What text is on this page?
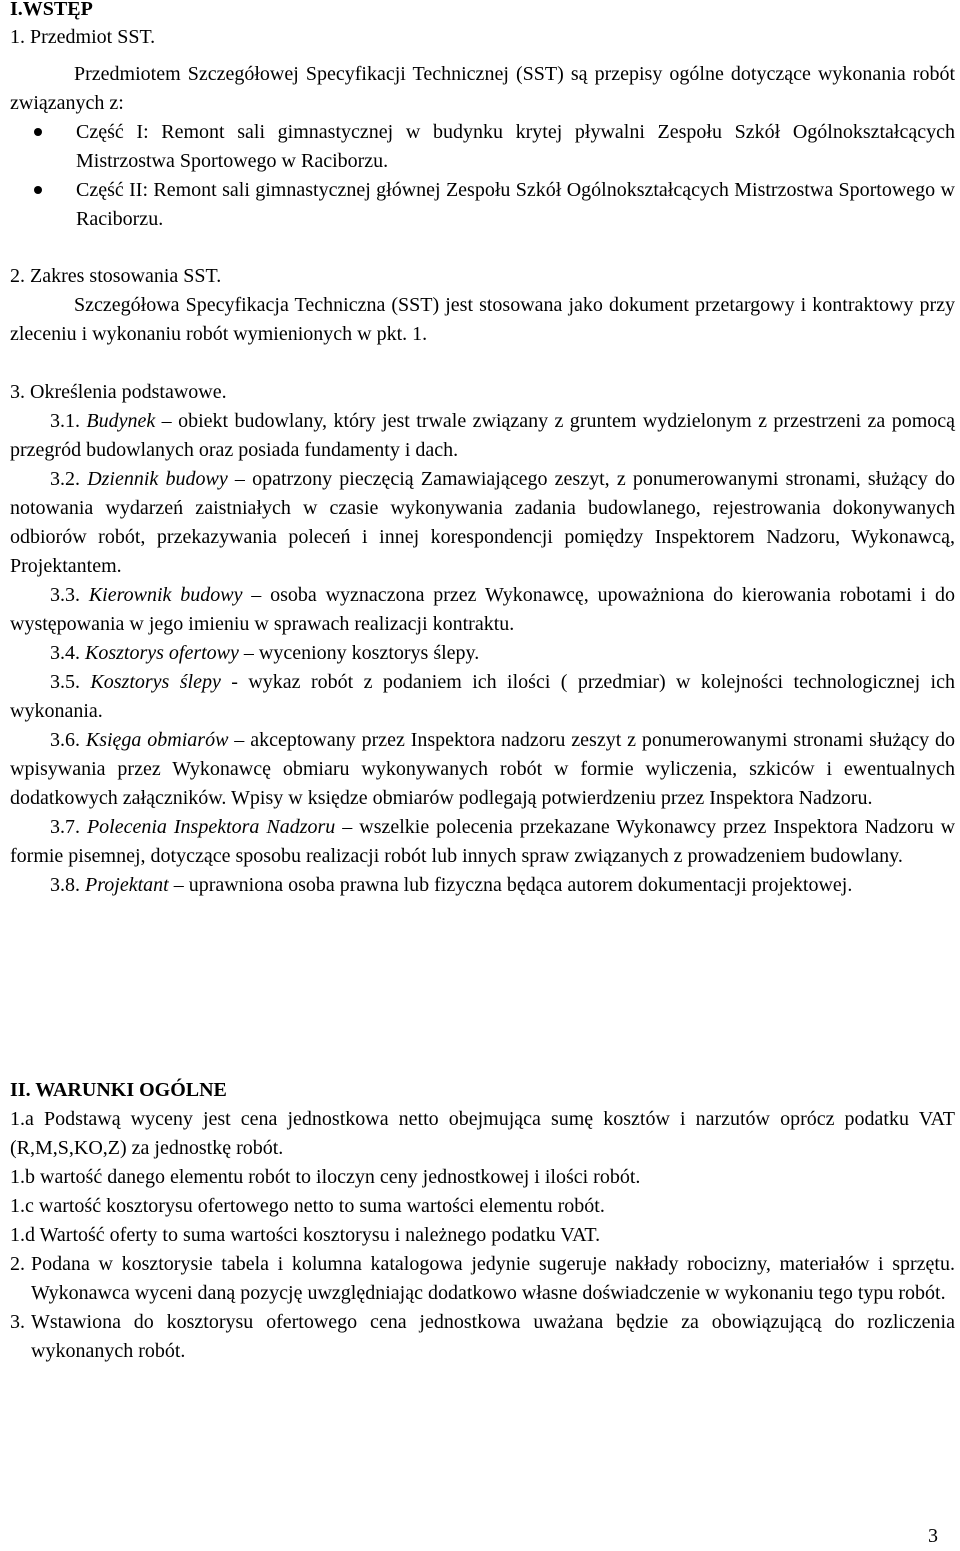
I.WSTĘP
1. Przedmiot SST.

Przedmiotem Szczegółowej Specyfikacji Technicznej (SST) są przepisy ogólne dotyczące wykonania robót związanych z:

Część I: Remont sali gimnastycznej w budynku krytej pływalni Zespołu Szkół Ogólnokształcących Mistrzostwa Sportowego w Raciborzu.
Część II: Remont sali gimnastycznej głównej Zespołu Szkół Ogólnokształcących Mistrzostwa Sportowego w Raciborzu.
2. Zakres stosowania SST.

Szczegółowa Specyfikacja Techniczna (SST) jest stosowana jako dokument przetargowy i kontraktowy przy zleceniu i wykonaniu robót wymienionych w pkt. 1.

3. Określenia podstawowe.

3.1. Budynek – obiekt budowlany, który jest trwale związany z gruntem wydzielonym z przestrzeni za pomocą przegród budowlanych oraz posiada fundamenty i dach.

3.2. Dziennik budowy – opatrzony pieczęcią Zamawiającego zeszyt, z ponumerowanymi stronami, służący do notowania wydarzeń zaistniałych w czasie wykonywania zadania budowlanego, rejestrowania dokonywanych odbiorów robót, przekazywania poleceń i innej korespondencji pomiędzy Inspektorem Nadzoru, Wykonawcą, Projektantem.

3.3. Kierownik budowy – osoba wyznaczona przez Wykonawcę, upoważniona do kierowania robotami i do występowania w jego imieniu w sprawach realizacji kontraktu.

3.4. Kosztorys ofertowy – wyceniony kosztorys ślepy.

3.5. Kosztorys ślepy - wykaz robót z podaniem ich ilości ( przedmiar) w kolejności technologicznej ich wykonania.

3.6. Księga obmiarów – akceptowany przez Inspektora nadzoru zeszyt z ponumerowanymi stronami służący do wpisywania przez Wykonawcę obmiaru wykonywanych robót w formie wyliczenia, szkiców i ewentualnych dodatkowych załączników. Wpisy w księdze obmiarów podlegają potwierdzeniu przez Inspektora Nadzoru.

3.7. Polecenia Inspektora Nadzoru – wszelkie polecenia przekazane Wykonawcy przez Inspektora Nadzoru w formie pisemnej, dotyczące sposobu realizacji robót lub innych spraw związanych z prowadzeniem budowlany.

3.8. Projektant – uprawniona osoba prawna lub fizyczna będąca autorem dokumentacji projektowej.

II. WARUNKI OGÓLNE

1.a Podstawą wyceny jest cena jednostkowa netto obejmująca sumę kosztów i narzutów oprócz podatku VAT (R,M,S,KO,Z) za jednostkę robót.

1.b wartość danego elementu robót to iloczyn ceny jednostkowej i ilości robót.

1.c wartość kosztorysu ofertowego netto to suma wartości elementu robót.

1.d Wartość oferty to suma wartości kosztorysu i należnego podatku VAT.

2. Podana w kosztorysie tabela i kolumna katalogowa jedynie sugeruje nakłady robocizny, materiałów i sprzętu. Wykonawca wyceni daną pozycję uwzględniając dodatkowo własne doświadczenie w wykonaniu tego typu robót.

3. Wstawiona do kosztorysu ofertowego cena jednostkowa uważana będzie za obowiązującą do rozliczenia wykonanych robót.

3
